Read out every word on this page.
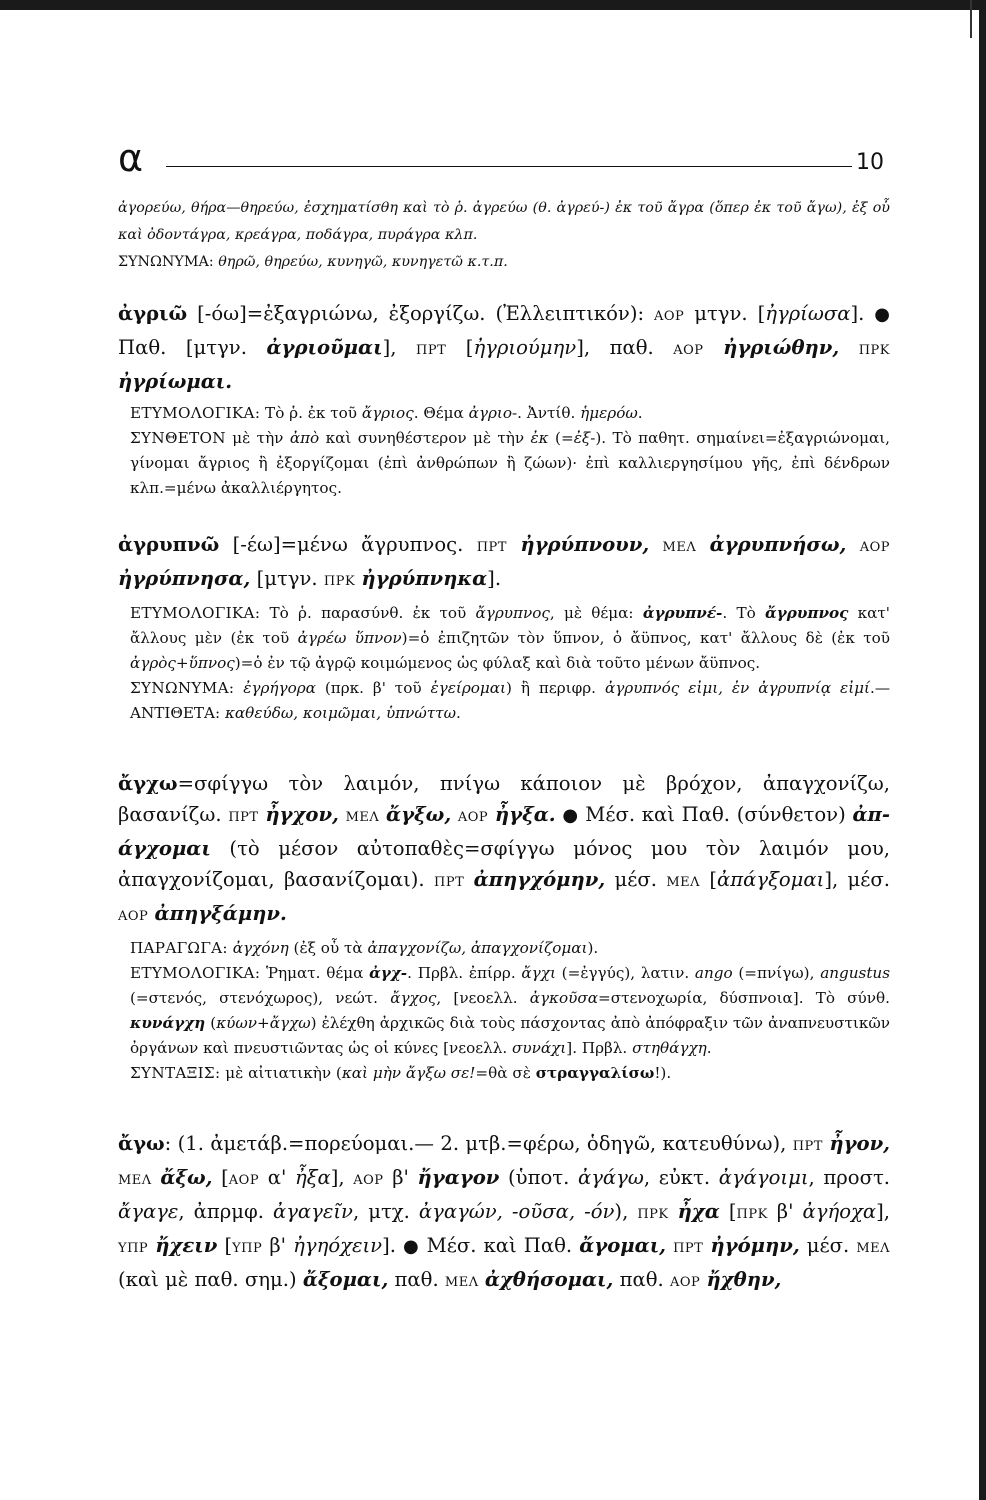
α	10

ἀγορεύω, θήρα—θηρεύω, ἐσχηματίσθη καὶ τὸ ῥ. ἀγρεύω (θ. ἀγρεύ-) ἐκ τοῦ ἄγρα (ὅπερ ἐκ τοῦ ἄγω), ἐξ οὗ καὶ ὀδοντάγρα, κρεάγρα, ποδάγρα, πυράγρα κλπ.

ΣΥΝΩΝΥΜΑ: θηρῶ, θηρεύω, κυνηγῶ, κυνηγετῶ κ.τ.π.

ἀγριῶ [-όω]=ἐξαγριώνω, ἐξοργίζω. (Ἐλλειπτικόν): ΑΟΡ μτγν. [ἠγρίωσα]. ● Παθ. [μτγν. ἀγριοῦμαι], ΠΡΤ [ἠγριούμην], παθ. ΑΟΡ ἠγριώθην, ΠΡΚ ἠγρίωμαι.

ΕΤΥΜΟΛΟΓΙΚΑ: Τὸ ῥ. ἐκ τοῦ ἄγριος. Θέμα ἀγριο-. Ἀντίθ. ἡμερόω.

ΣΥΝΘΕΤΟΝ μὲ τὴν ἀπὸ καὶ συνηθέστερον μὲ τὴν ἐκ (=ἐξ-). Τὸ παθητ. σημαίνει=ἐξαγριώνομαι, γίνομαι ἄγριος ἢ ἐξοργίζομαι (ἐπὶ ἀνθρώπων ἢ ζώων)· ἐπὶ καλλιεργησίμου γῆς, ἐπὶ δένδρων κλπ.=μένω ἀκαλλιέργητος.

ἀγρυπνῶ [-έω]=μένω ἄγρυπνος. ΠΡΤ ἠγρύπνουν, ΜΕΛ ἀγρυπνήσω, ΑΟΡ ἠγρύπνησα, [μτγν. ΠΡΚ ἠγρύπνηκα].

ΕΤΥΜΟΛΟΓΙΚΑ: Τὸ ῥ. παρασύνθ. ἐκ τοῦ ἄγρυπνος, μὲ θέμα: ἀγρυπνέ-. Τὸ ἄγρυπνος κατ' ἄλλους μὲν (ἐκ τοῦ ἀγρέω ὕπνον)=ὁ ἐπιζητῶν τὸν ὕπνον, ὁ ἄϋπνος, κατ' ἄλλους δὲ (ἐκ τοῦ ἀγρὸς+ὕπνος)=ὁ ἐν τῷ ἀγρῷ κοιμώμενος ὡς φύλαξ καὶ διὰ τοῦτο μένων ἄϋπνος.

ΣΥΝΩΝΥΜΑ: ἐγρήγορα (πρκ. β' τοῦ ἐγείρομαι) ἢ περιφρ. ἀγρυπνός εἰμι, ἐν ἀγρυπνίᾳ εἰμί.—ΑΝΤΙΘΕΤΑ: καθεύδω, κοιμῶμαι, ὑπνώττω.

ἄγχω=σφίγγω τὸν λαιμόν, πνίγω κάποιον μὲ βρόχον, ἀπαγχονίζω, βασανίζω. ΠΡΤ ἦγχον, ΜΕΛ ἄγξω, ΑΟΡ ἦγξα. ● Μέσ. καὶ Παθ. (σύνθετον) ἀπ-άγχομαι (τὸ μέσον αὐτοπαθὲς=σφίγγω μόνος μου τὸν λαιμόν μου, ἀπαγχονίζομαι, βασανίζομαι). ΠΡΤ ἀπηγχόμην, μέσ. ΜΕΛ [ἀπάγξομαι], μέσ. ΑΟΡ ἀπηγξάμην.

ΠΑΡΑΓΩΓΑ: ἀγχόνη (ἐξ οὗ τὰ ἀπαγχονίζω, ἀπαγχονίζομαι).

ΕΤΥΜΟΛΟΓΙΚΑ: Ῥηματ. θέμα ἀγχ-. Πρβλ. ἐπίρρ. ἄγχι (=ἐγγύς), λατιν. ango (=πνίγω), angustus (=στενός, στενόχωρος), νεώτ. ἄγχος, [νεοελλ. ἀγκοῦσα=στενοχωρία, δύσπνοια]. Τὸ σύνθ. κυνάγχη (κύων+ἄγχω) ἐλέχθη ἀρχικῶς διὰ τοὺς πάσχοντας ἀπὸ ἀπόφραξιν τῶν ἀναπνευστικῶν ὀργάνων καὶ πνευστιῶντας ὡς οἱ κύνες [νεοελλ. συνάχι]. Πρβλ. στηθάγχη.

ΣΥΝΤΑΞΙΣ: μὲ αἰτιατικὴν (καὶ μὴν ἄγξω σε!=θὰ σὲ στραγγαλίσω!).

ἄγω: (1. ἀμετάβ.=πορεύομαι.— 2. μτβ.=φέρω, ὁδηγῶ, κατευθύνω), ΠΡΤ ἦγον, ΜΕΛ ἄξω, [ΑΟΡ α' ἦξα], ΑΟΡ β' ἤγαγον (ὑποτ. ἀγάγω, εὐκτ. ἀγάγοιμι, προστ. ἄγαγε, ἀπρμφ. ἀγαγεῖν, μτχ. ἀγαγών, -οῦσα, -όν), ΠΡΚ ἦχα [ΠΡΚ β' ἀγήοχα], ΥΠΡ ἤχειν [ΥΠΡ β' ἠγηόχειν]. ● Μέσ. καὶ Παθ. ἄγομαι, ΠΡΤ ἠγόμην, μέσ. ΜΕΛ (καὶ μὲ παθ. σημ.) ἄξομαι, παθ. ΜΕΛ ἀχθήσομαι, παθ. ΑΟΡ ἤχθην,
